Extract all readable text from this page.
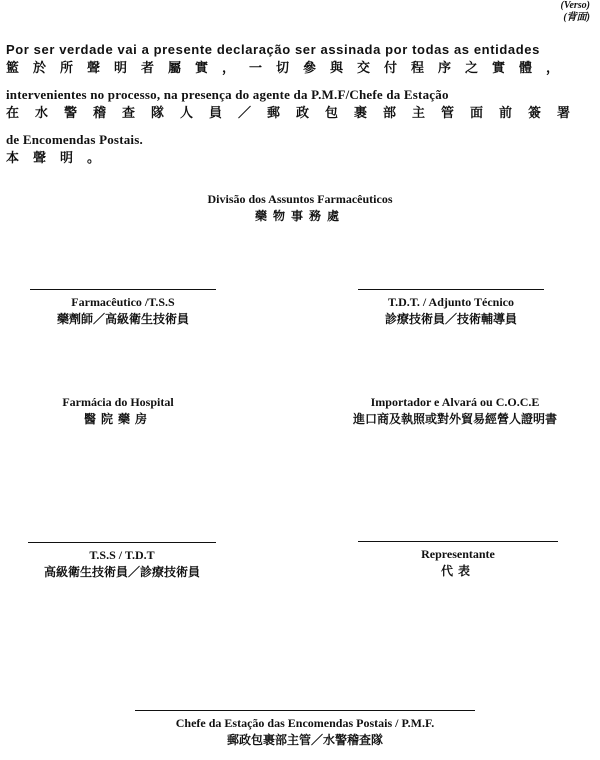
(Verso)
(背面)
Por ser verdade vai a presente declaração ser assinada por todas as entidades
籃於所聲明者屬實，一切參與交付程序之實體，
intervenientes no processo, na presença do agente da P.M.F/Chefe da Estação
在水警稽查隊人員／郵政包裹部主管面前簽署
de Encomendas Postais.
本聲明。
Divisão dos Assuntos Farmacêuticos
藥物事務處
Farmacêutico /T.S.S
藥劑師／高級衛生技術員
T.D.T. / Adjunto Técnico
診療技術員／技術輔導員
Farmácia do Hospital
醫院藥房
Importador e Alvará ou C.O.C.E
進口商及執照或對外貿易經營人證明書
T.S.S / T.D.T
高級衛生技術員／診療技術員
Representante
代表
Chefe da Estação das Encomendas Postais / P.M.F.
郵政包裹部主管／水警稽查隊
